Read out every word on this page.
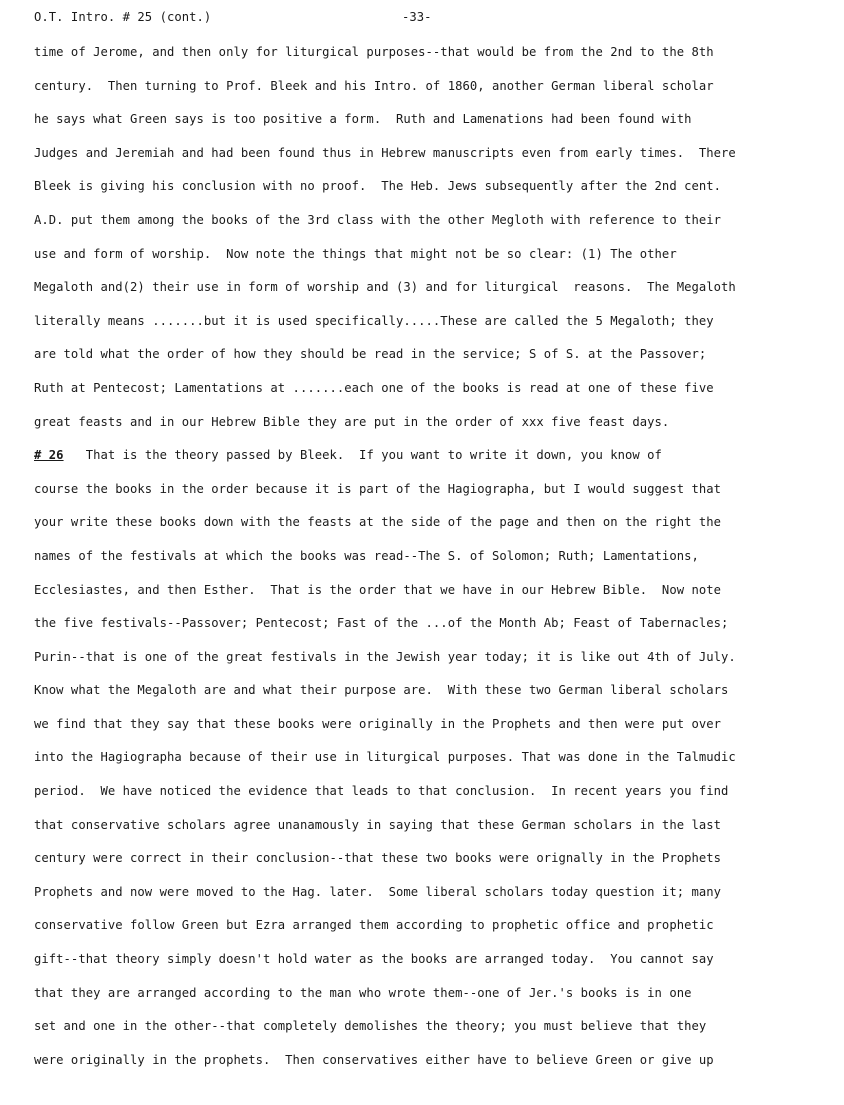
O.T. Intro. # 25 (cont.)

	-33-

time of Jerome, and then only for liturgical purposes--that would be from the 2nd to the 8th
century.  Then turning to Prof. Bleek and his Intro. of 1860, another German liberal scholar
he says what Green says is too positive a form.  Ruth and Lamenations had been found with
Judges and Jeremiah and had been found thus in Hebrew manuscripts even from early times.  There
Bleek is giving his conclusion with no proof.  The Heb. Jews subsequently after the 2nd cent.
A.D. put them among the books of the 3rd class with the other Megloth with reference to their
use and form of worship.  Now note the things that might not be so clear: (1) The other
Megaloth and(2) their use in form of worship and (3) and for liturgical  reasons.  The Megaloth
literally means .......but it is used specifically.....These are called the 5 Megaloth; they
are told what the order of how they should be read in the service; S of S. at the Passover;
Ruth at Pentecost; Lamentations at .......each one of the books is read at one of these five
great feasts and in our Hebrew Bible they are put in the order of xxx five feast days.
# 26   That is the theory passed by Bleek.  If you want to write it down, you know of
course the books in the order because it is part of the Hagiographa, but I would suggest that
your write these books down with the feasts at the side of the page and then on the right the
names of the festivals at which the books was read--The S. of Solomon; Ruth; Lamentations,
Ecclesiastes, and then Esther.  That is the order that we have in our Hebrew Bible.  Now note
the five festivals--Passover; Pentecost; Fast of the ...of the Month Ab; Feast of Tabernacles;
Purin--that is one of the great festivals in the Jewish year today; it is like out 4th of July.
Know what the Megaloth are and what their purpose are.  With these two German liberal scholars
we find that they say that these books were originally in the Prophets and then were put over
into the Hagiographa because of their use in liturgical purposes. That was done in the Talmudic
period.  We have noticed the evidence that leads to that conclusion.  In recent years you find
that conservative scholars agree unanamously in saying that these German scholars in the last
century were correct in their conclusion--that these two books were orignally in the Prophets
Prophets and now were moved to the Hag. later.  Some liberal scholars today question it; many
conservative follow Green but Ezra arranged them according to prophetic office and prophetic
gift--that theory simply doesn't hold water as the books are arranged today.  You cannot say
that they are arranged according to the man who wrote them--one of Jer.'s books is in one
set and one in the other--that completely demolishes the theory; you must believe that they
were originally in the prophets.  Then conservatives either have to believe Green or give up
